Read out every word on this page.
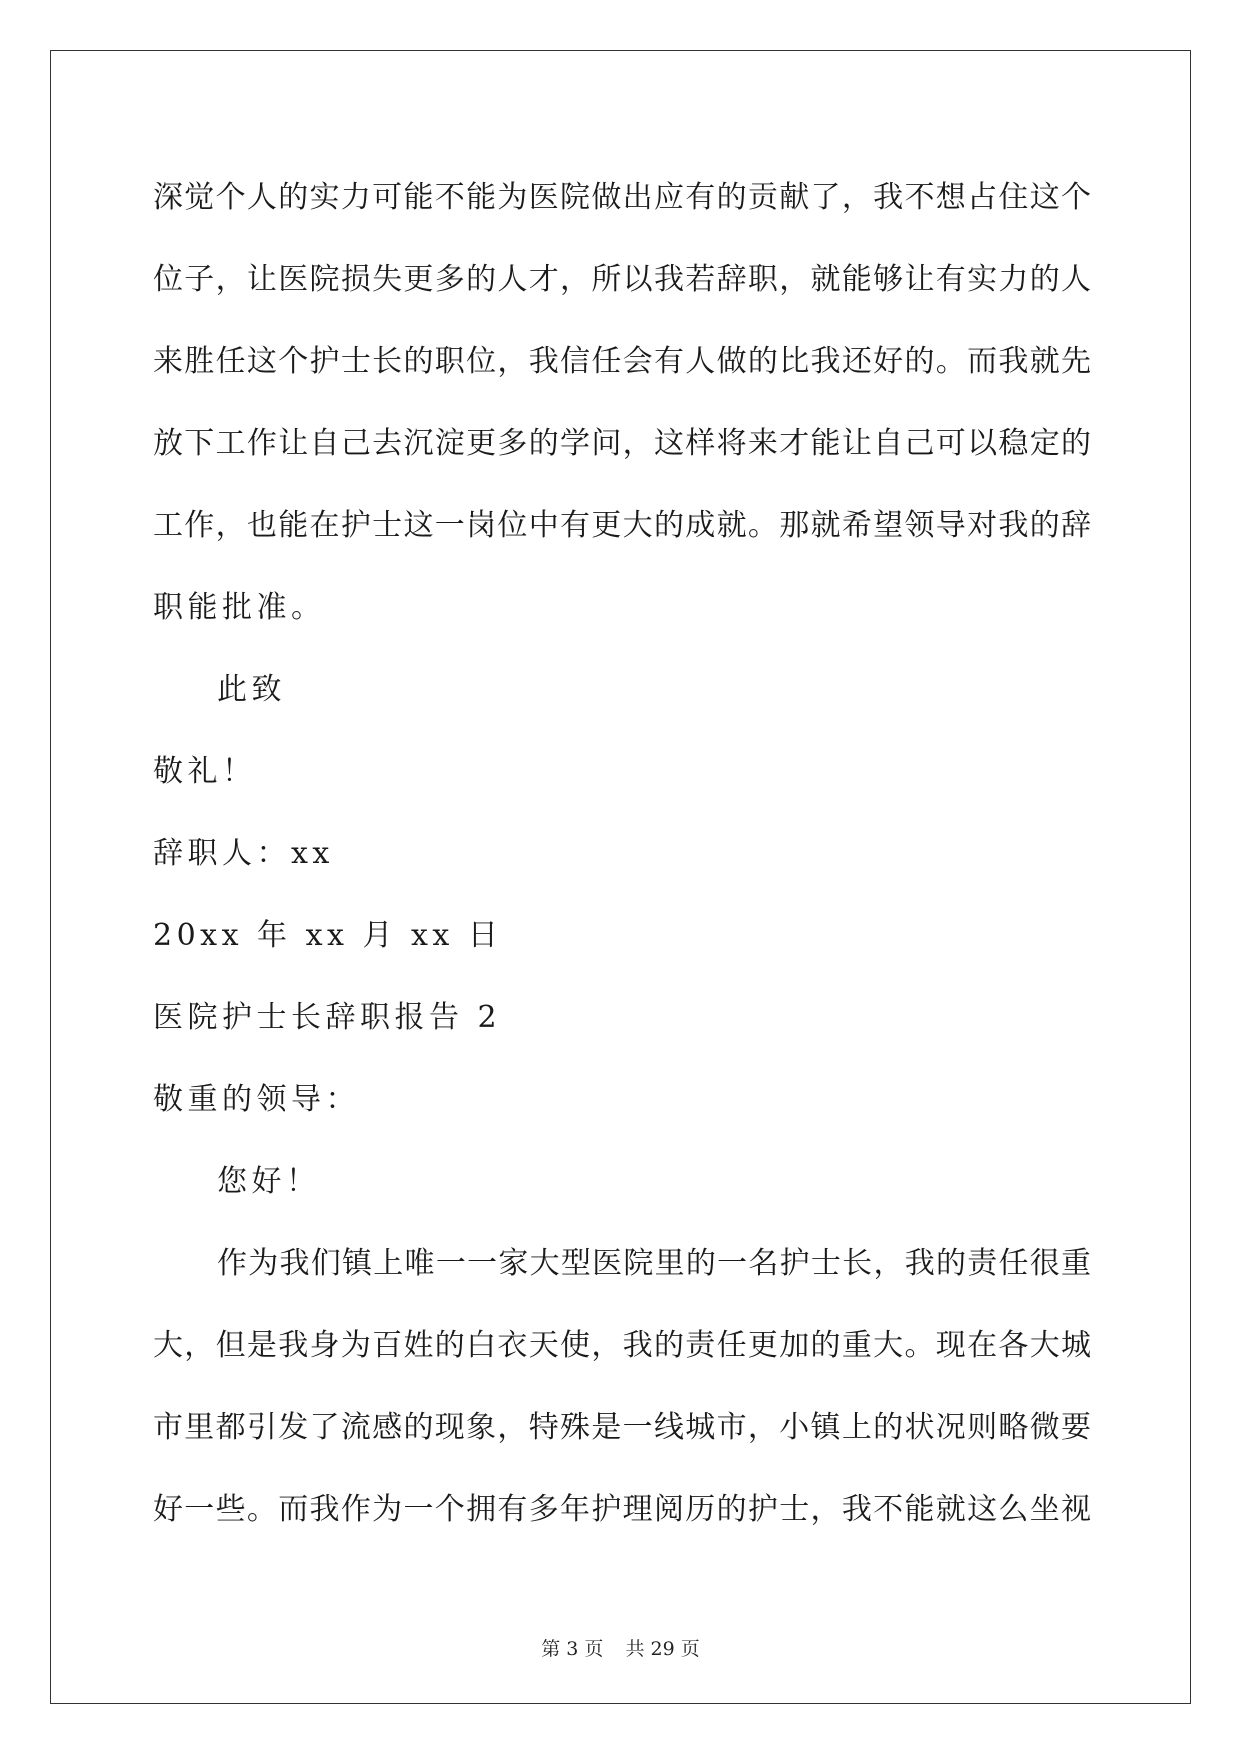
深觉个人的实力可能不能为医院做出应有的贡献了，我不想占住这个
位子，让医院损失更多的人才，所以我若辞职，就能够让有实力的人
来胜任这个护士长的职位，我信任会有人做的比我还好的。而我就先
放下工作让自己去沉淀更多的学问，这样将来才能让自己可以稳定的
工作，也能在护士这一岗位中有更大的成就。那就希望领导对我的辞
职能批准。
此致
敬礼！
辞职人：xx
20xx 年 xx 月 xx 日
医院护士长辞职报告 2
敬重的领导：
您好！
作为我们镇上唯一一家大型医院里的一名护士长，我的责任很重
大，但是我身为百姓的白衣天使，我的责任更加的重大。现在各大城
市里都引发了流感的现象，特殊是一线城市，小镇上的状况则略微要
好一些。而我作为一个拥有多年护理阅历的护士，我不能就这么坐视
第 3 页 共 29 页
